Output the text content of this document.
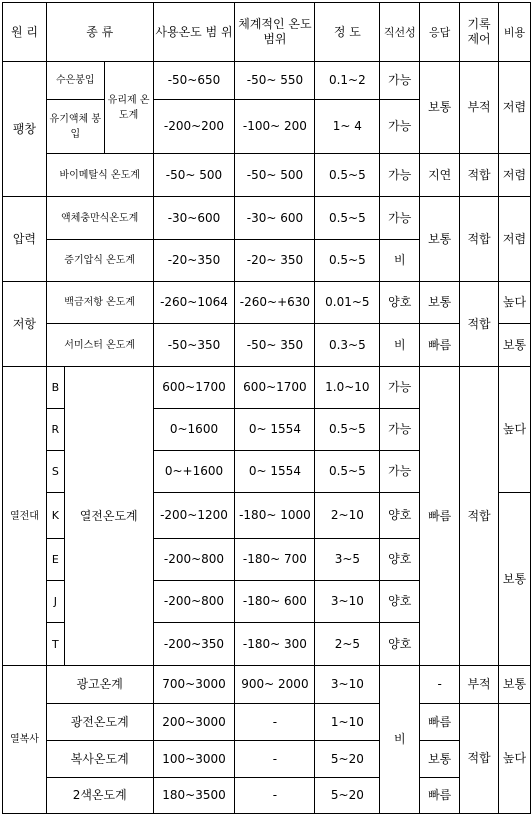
원 리	종 류			사용온도 범 위	체계적인 온도범위	정 도	직선성	응답	기록 제어	비용
팽창	수은봉입		유리제 온도계	-50~650	-50~ 550	0.1~2	가능	보통	부적	저렴
	유기액체 봉입			-200~200	-100~ 200	1~ 4	가능			
	바이메탈식 온도계			-50~ 500	-50~ 500	0.5~5	가능	지연	적합	저렴
압력	액체충만식온도계			-30~600	-30~ 600	0.5~5	가능	보통	적합	저렴
	증기압식 온도계			-20~350	-20~ 350	0.5~5	비			
저항	백금저항 온도계			-260~1064	-260~+630	0.01~5	양호	보통	적합	높다
	서미스터 온도계			-50~350	-50~ 350	0.3~5	비	빠름		보통
열전대	B	열전온도계		600~1700	600~1700	1.0~10	가능	빠름	적합	높다
	R			0~1600	0~ 1554	0.5~5	가능			
	S			0~+1600	0~ 1554	0.5~5	가능			
	K			-200~1200	-180~ 1000	2~10	양호			보통
	E			-200~800	-180~ 700	3~5	양호			
	J			-200~800	-180~ 600	3~10	양호			
	T			-200~350	-180~ 300	2~5	양호			
열복사	광고온계			700~3000	900~ 2000	3~10	비	-	부적	보통
	광전온도계			200~3000	-	1~10		빠름	적합	높다
	복사온도계			100~3000	-	5~20		보통		
	2색온도계			180~3500	-	5~20		빠름		
